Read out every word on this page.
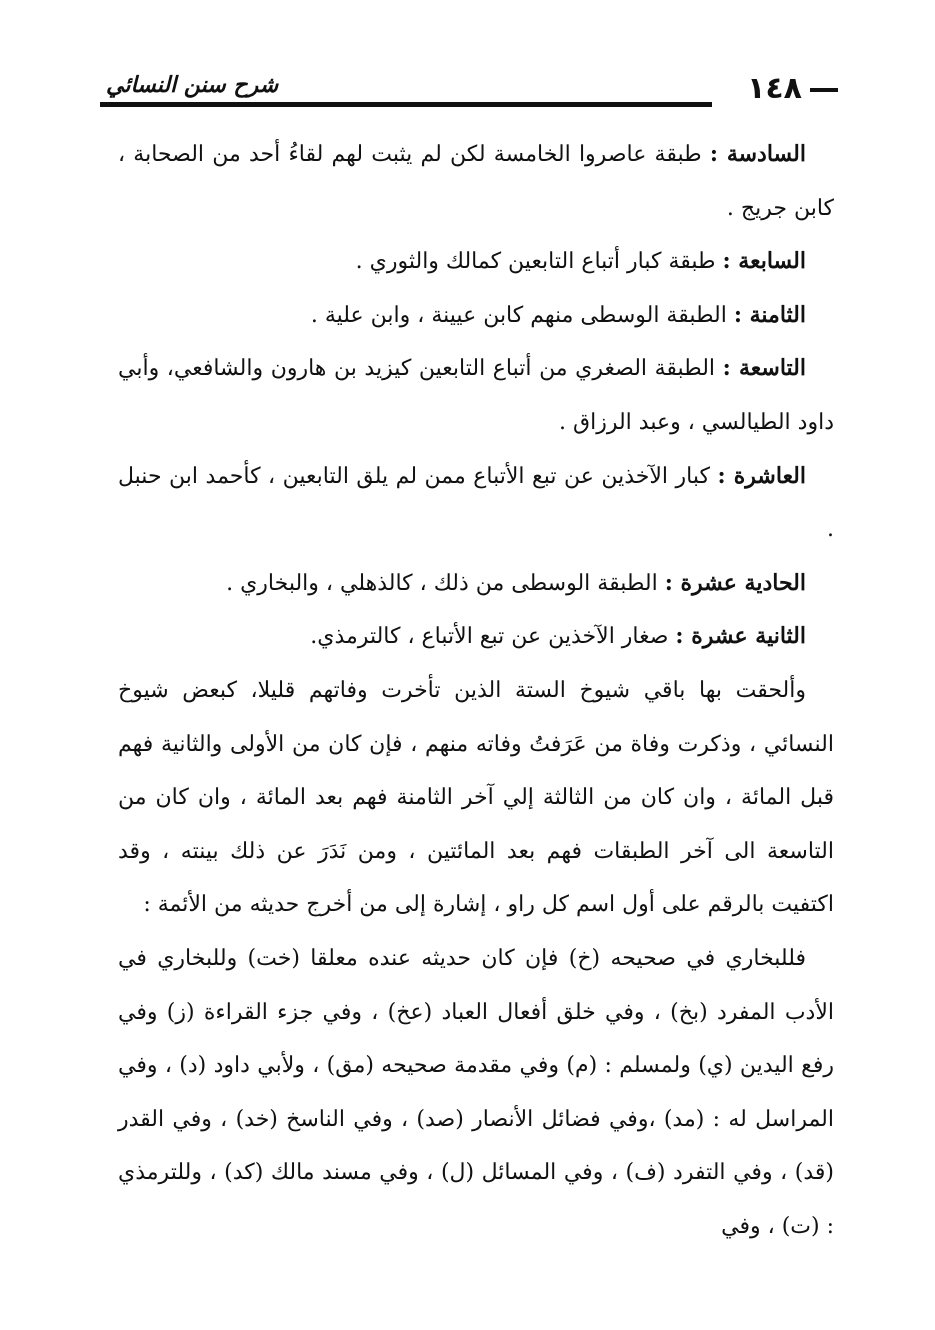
١٤٨
شرح سنن النسائي

السادسة : طبقة عاصروا الخامسة لكن لم يثبت لهم لقاءُ أحد من الصحابة ، كابن جريج .

السابعة : طبقة كبار أتباع التابعين كمالك والثوري .

الثامنة : الطبقة الوسطى منهم كابن عيينة ، وابن علية .

التاسعة : الطبقة الصغري من أتباع التابعين كيزيد بن هارون والشافعي، وأبي داود الطيالسي ، وعبد الرزاق .

العاشرة : كبار الآخذين عن تبع الأتباع ممن لم يلق التابعين ، كأحمد ابن حنبل .

الحادية عشرة : الطبقة الوسطى من ذلك ، كالذهلي ، والبخاري .

الثانية عشرة : صغار الآخذين عن تبع الأتباع ، كالترمذي.

وألحقت بها باقي شيوخ الستة الذين تأخرت وفاتهم قليلا، كبعض شيوخ النسائي ، وذكرت وفاة من عَرَفتُ وفاته منهم ، فإن كان من الأولى والثانية فهم قبل المائة ، وان كان من الثالثة إلي آخر الثامنة فهم بعد المائة ، وان كان من التاسعة الى آخر الطبقات فهم بعد المائتين ، ومن نَدَرَ عن ذلك بينته ، وقد اكتفيت بالرقم على أول اسم كل راو ، إشارة إلى من أخرج حديثه من الأئمة :

فللبخاري في صحيحه (خ) فإن كان حديثه عنده معلقا (خت) وللبخاري في الأدب المفرد (بخ) ، وفي خلق أفعال العباد (عخ) ، وفي جزء القراءة (ز) وفي رفع اليدين (ي) ولمسلم : (م) وفي مقدمة صحيحه (مق) ، ولأبي داود (د) ، وفي المراسل له : (مد) ،وفي فضائل الأنصار (صد) ، وفي الناسخ (خد) ، وفي القدر (قد) ، وفي التفرد (ف) ، وفي المسائل (ل) ، وفي مسند مالك (كد) ، وللترمذي : (ت) ، وفي
